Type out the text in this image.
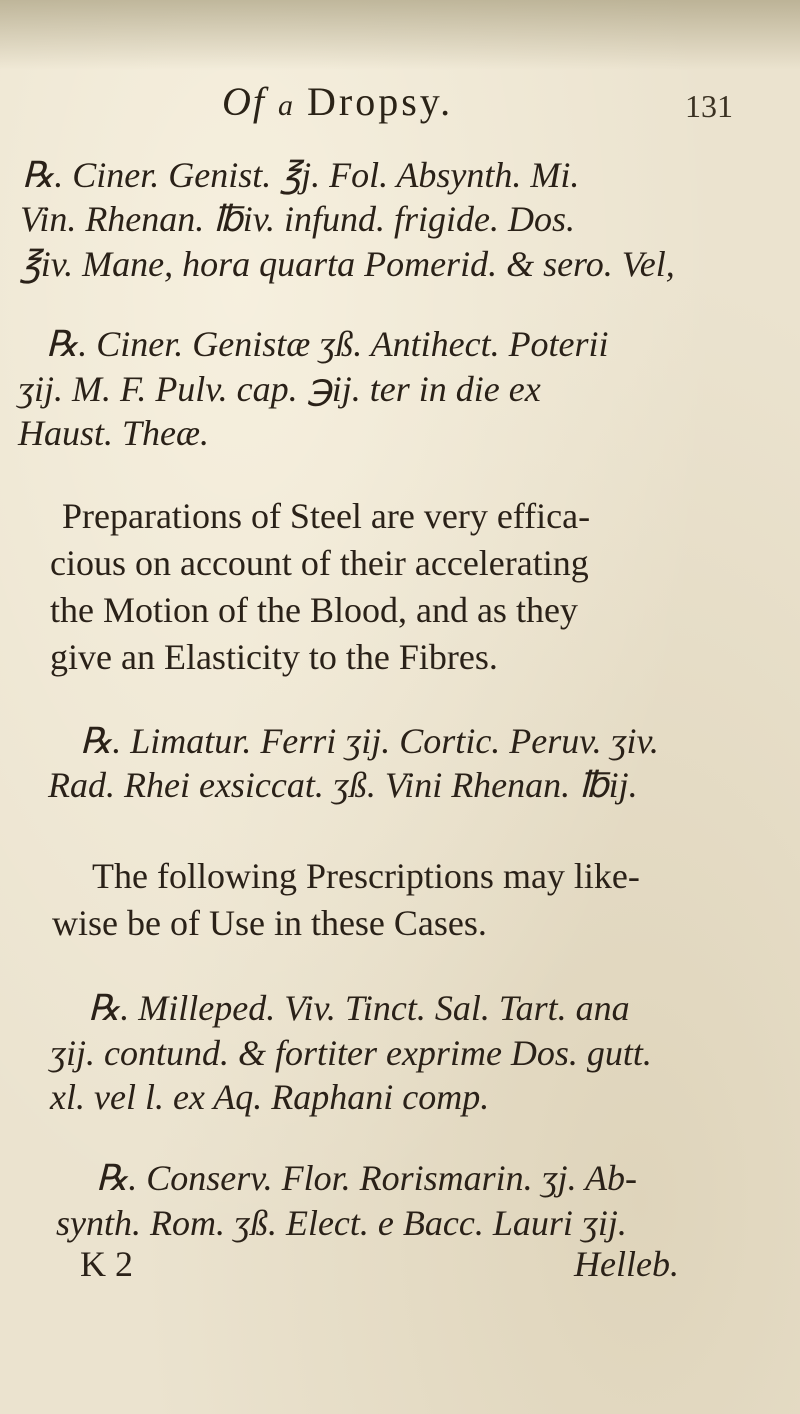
Of a Dropsy.	131
℞. Ciner. Genist. ℥j. Fol. Absynth. Mi.
Vin. Rhenan. ℔iv. infund. frigide. Dos.
℥iv. Mane, hora quarta Pomerid. & sero. Vel,
℞. Ciner. Genistæ ʒß. Antihect. Poterii
ʒij. M. F. Pulv. cap. ℈ij. ter in die ex
Haust. Theæ.
Preparations of Steel are very effica-
cious on account of their accelerating
the Motion of the Blood, and as they
give an Elasticity to the Fibres.
℞. Limatur. Ferri ʒij. Cortic. Peruv. ʒiv.
Rad. Rhei exsiccat. ʒß. Vini Rhenan. ℔ij.
The following Prescriptions may like-
wise be of Use in these Cases.
℞. Milleped. Viv. Tinct. Sal. Tart. ana
ʒij. contund. & fortiter exprime Dos. gutt.
xl. vel l. ex Aq. Raphani comp.
℞. Conserv. Flor. Rorismarin. ʒj. Ab-
synth. Rom. ʒß. Elect. e Bacc. Lauri ʒij.
K 2	Helleb.
